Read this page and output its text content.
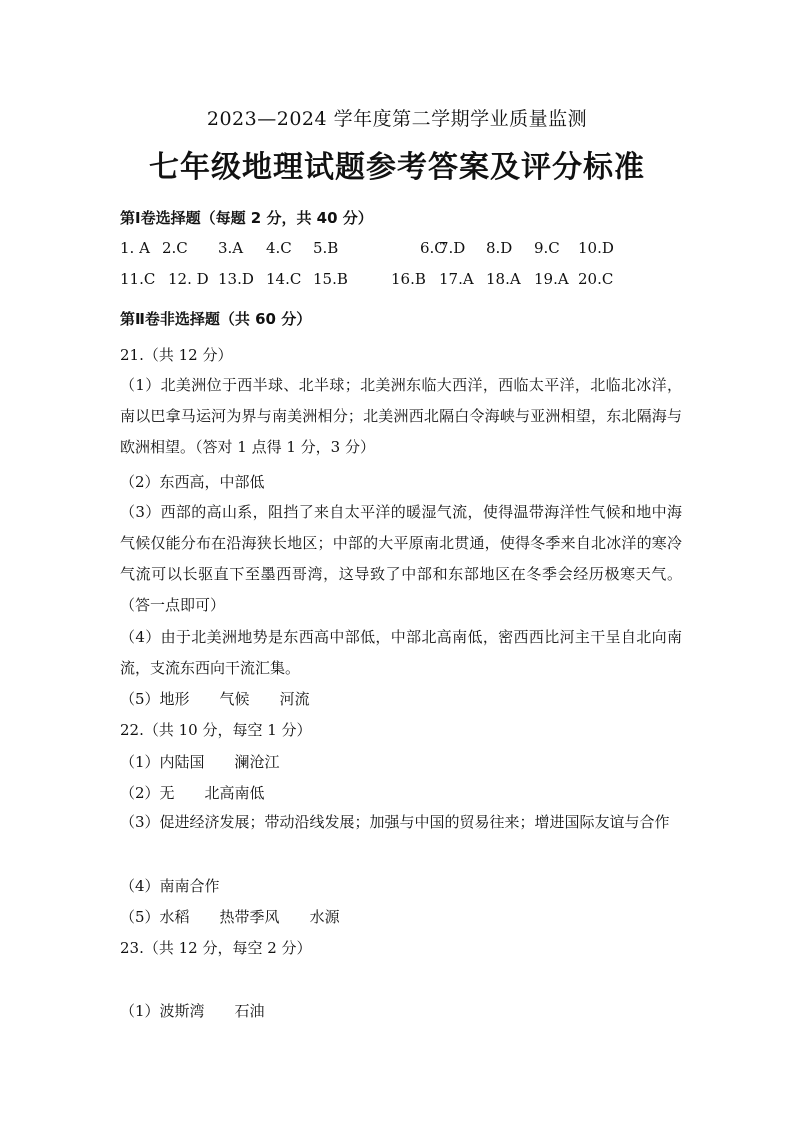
2023—2024 学年度第二学期学业质量监测
七年级地理试题参考答案及评分标准
第Ⅰ卷选择题（每题 2 分，共 40 分）
1. A 2.C 3.A 4.C 5.B	6.C
7.D 8.D 9.C 10.D
11.C 12. D 13.D 14.C 15.B	16.B 17.A 18.A 19.A 20.C
第Ⅱ卷非选择题（共 60 分）
21.（共 12 分）
（1）北美洲位于西半球、北半球；北美洲东临大西洋，西临太平洋，北临北冰洋，南以巴拿马运河为界与南美洲相分；北美洲西北隔白令海峡与亚洲相望，东北隔海与欧洲相望。（答对 1 点得 1 分，3 分）
（2）东西高，中部低
（3）西部的高山系，阻挡了来自太平洋的暖湿气流，使得温带海洋性气候和地中海气候仅能分布在沿海狭长地区；中部的大平原南北贯通，使得冬季来自北冰洋的寒冷气流可以长驱直下至墨西哥湾，这导致了中部和东部地区在冬季会经历极寒天气。（答一点即可）
（4）由于北美洲地势是东西高中部低，中部北高南低，密西西比河主干呈自北向南流，支流东西向干流汇集。
（5）地形 气候 河流
22.（共 10 分，每空 1 分）
（1）内陆国 澜沧江
（2）无 北高南低
（3）促进经济发展；带动沿线发展；加强与中国的贸易往来；增进国际友谊与合作
（4）南南合作
（5）水稻 热带季风 水源
23.（共 12 分，每空 2 分）
（1）波斯湾 石油
